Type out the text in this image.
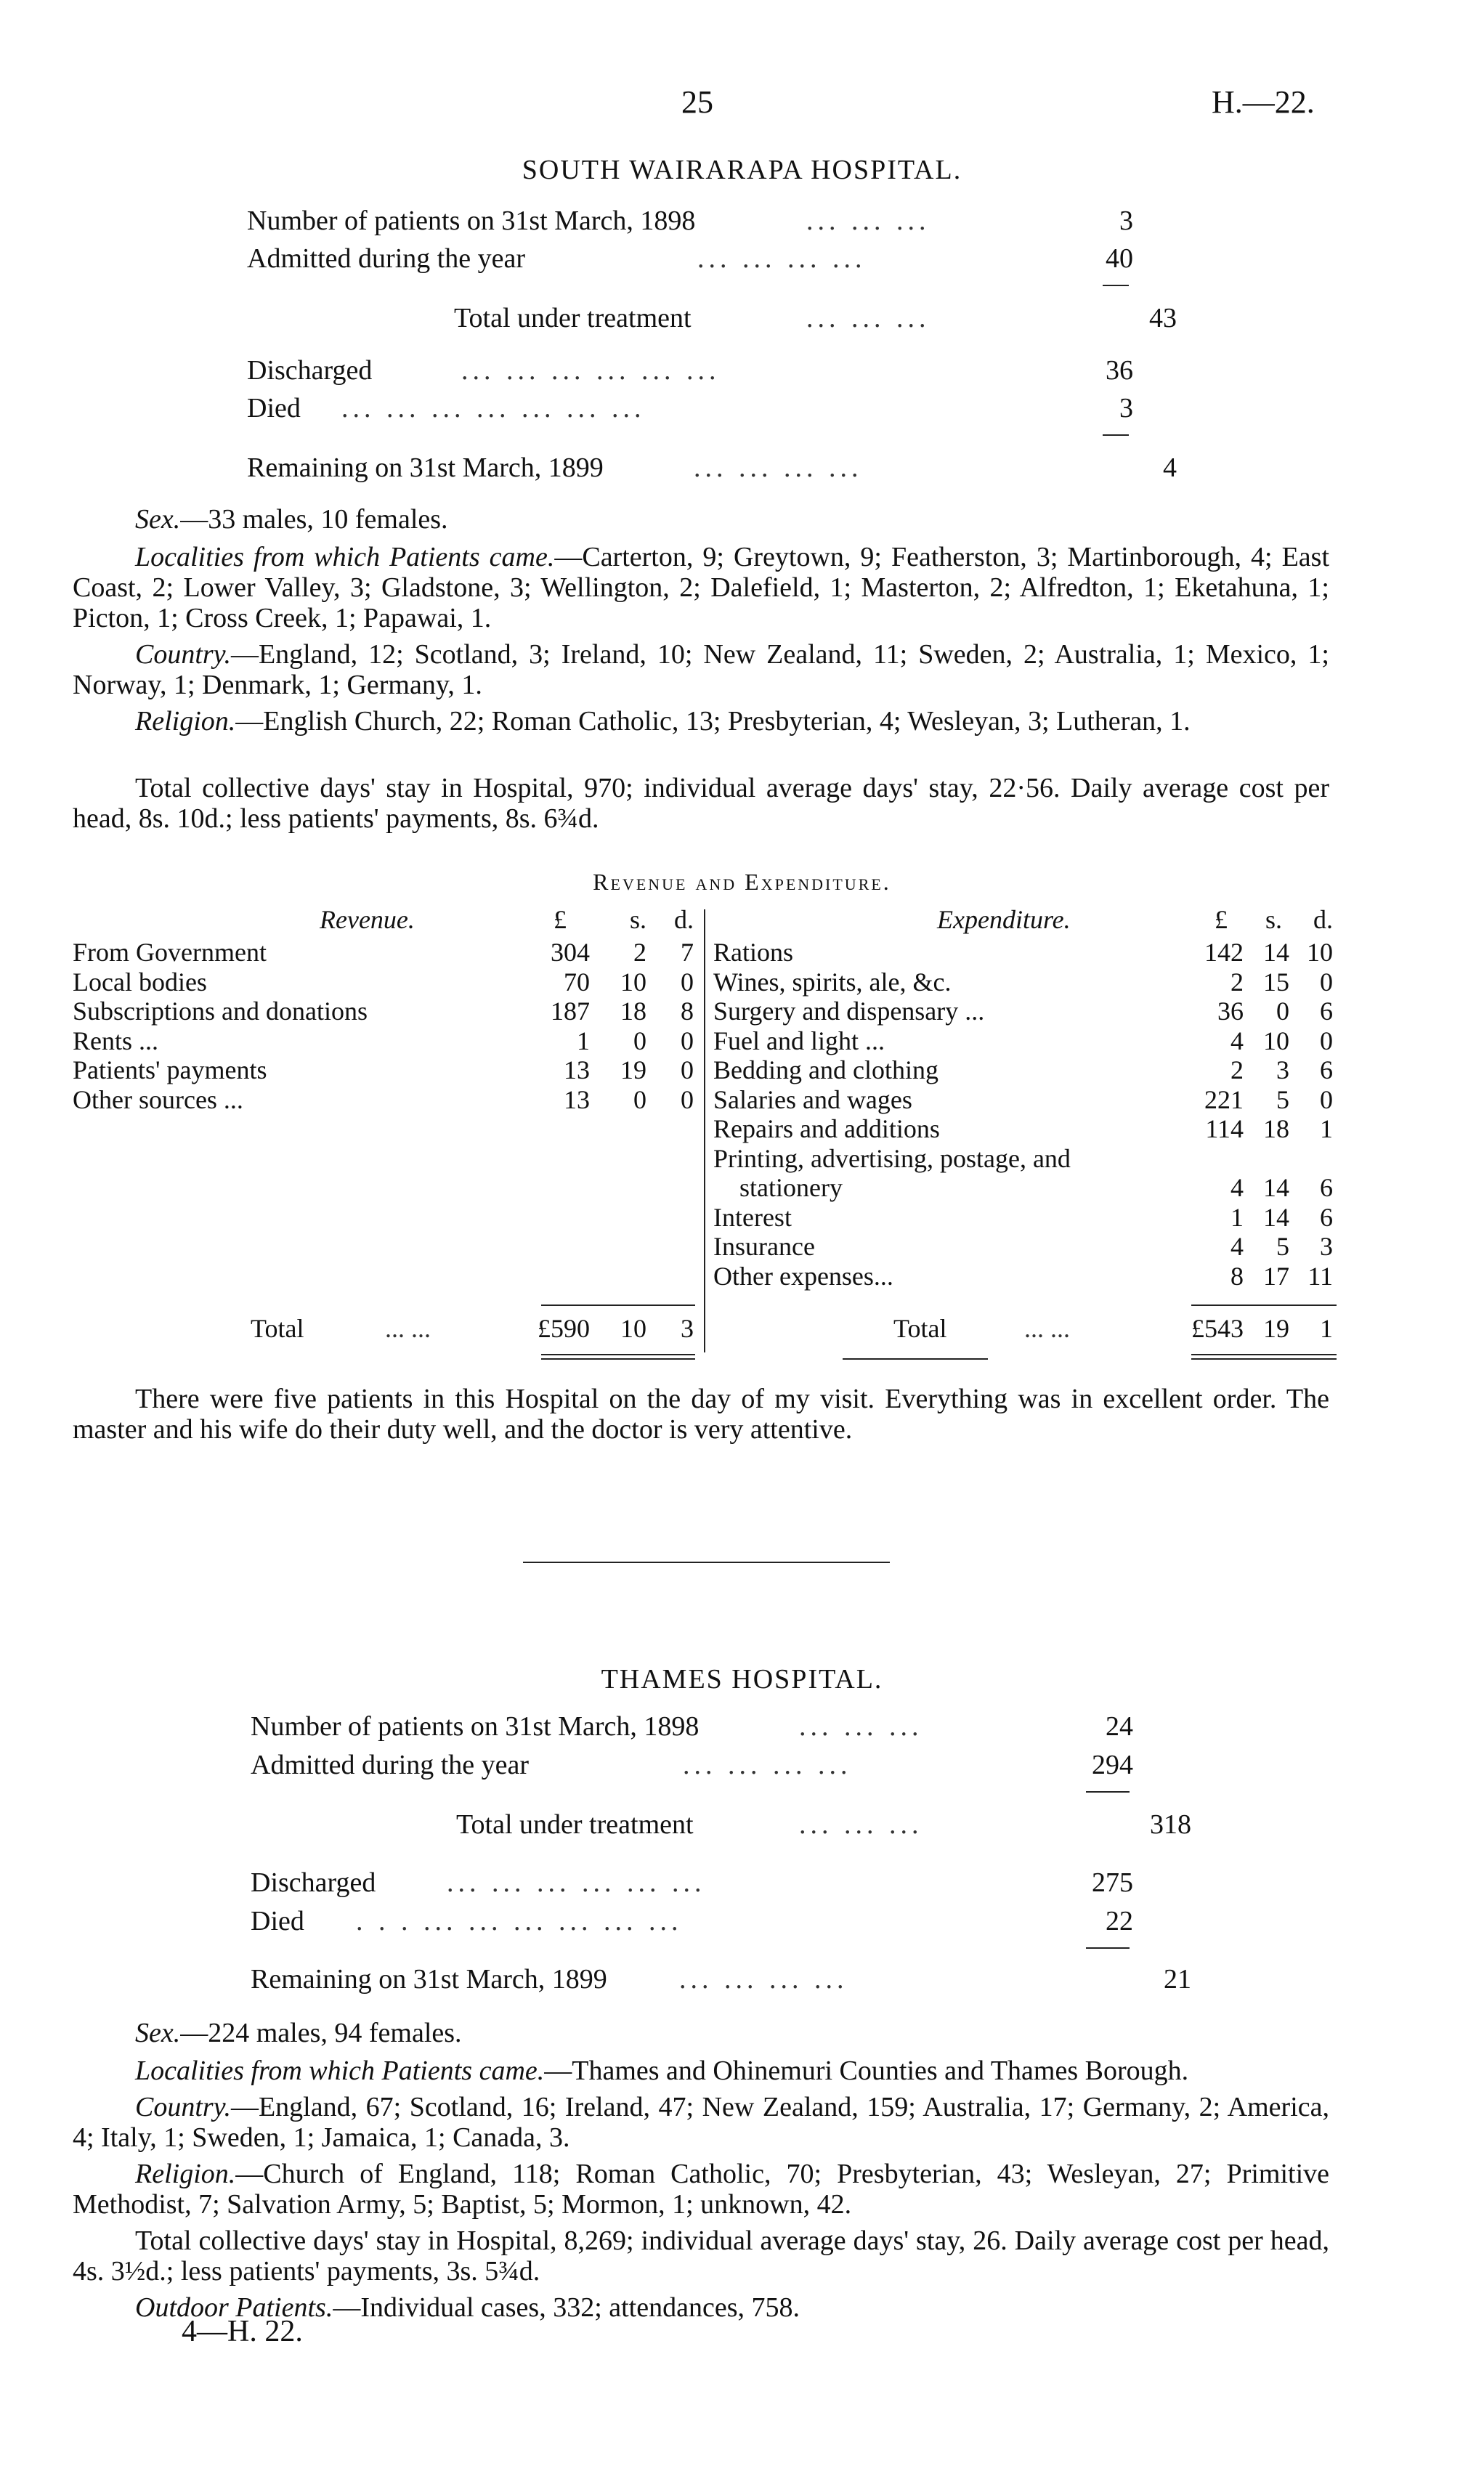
25	H.—22.
SOUTH WAIRARAPA HOSPITAL.
Number of patients on 31st March, 1898	... ... ...	3
Admitted during the year	... ... ... ...	40
Total under treatment	... ... ...	43
Discharged	... ... ... ... ... ...	36
Died ... ... ... ... ... ... ...	3
Remaining on 31st March, 1899	... ... ... ...	4
Sex.—33 males, 10 females.
Localities from which Patients came.—Carterton, 9; Greytown, 9; Featherston, 3; Martinborough, 4; East Coast, 2; Lower Valley, 3; Gladstone, 3; Wellington, 2; Dalefield, 1; Masterton, 2; Alfredton, 1; Eketahuna, 1; Picton, 1; Cross Creek, 1; Papawai, 1.
Country.—England, 12; Scotland, 3; Ireland, 10; New Zealand, 11; Sweden, 2; Australia, 1; Mexico, 1; Norway, 1; Denmark, 1; Germany, 1.
Religion.—English Church, 22; Roman Catholic, 13; Presbyterian, 4; Wesleyan, 3; Lutheran, 1.
Total collective days' stay in Hospital, 970; individual average days' stay, 22·56. Daily average cost per head, 8s. 10d.; less patients' payments, 8s. 6¾d.
Revenue and Expenditure.
Revenue.	£	s.	d.
From Government	304	2	7
Local bodies	70	10	0
Subscriptions and donations	187	18	8
Rents ...	1	0	0
Patients' payments	13	19	0
Other sources ...	13	0	0
Total	... ...	£590	10	3
Expenditure.	£	s.	d.
Rations	142 14 10
Wines, spirits, ale, &c.	2 15	0
Surgery and dispensary ...	36	0	6
Fuel and light ...	4 10	0
Bedding and clothing	2	3	6
Salaries and wages	221	5	0
Repairs and additions	114 18	1
Printing, advertising, postage, and
stationery	4 14	6
Interest	1 14	6
Insurance	4	5	3
Other expenses...	8 17 11
Total	... ...	£543 19	1
There were five patients in this Hospital on the day of my visit. Everything was in excellent order. The master and his wife do their duty well, and the doctor is very attentive.
THAMES HOSPITAL.
Number of patients on 31st March, 1898	... ... ...	24
Admitted during the year	... ... ... ...	294
Total under treatment	... ... ...	318
Discharged	... ... ... ... ... ...	275
Died . . . ... ... ... ... ... ...	22
Remaining on 31st March, 1899	... ... ... ...	21
Sex.—224 males, 94 females.
Localities from which Patients came.—Thames and Ohinemuri Counties and Thames Borough.
Country.—England, 67; Scotland, 16; Ireland, 47; New Zealand, 159; Australia, 17; Germany, 2; America, 4; Italy, 1; Sweden, 1; Jamaica, 1; Canada, 3.
Religion.—Church of England, 118; Roman Catholic, 70; Presbyterian, 43; Wesleyan, 27; Primitive Methodist, 7; Salvation Army, 5; Baptist, 5; Mormon, 1; unknown, 42.
Total collective days' stay in Hospital, 8,269; individual average days' stay, 26. Daily average cost per head, 4s. 3½d.; less patients' payments, 3s. 5¾d.
Outdoor Patients.—Individual cases, 332; attendances, 758.
4—H. 22.
